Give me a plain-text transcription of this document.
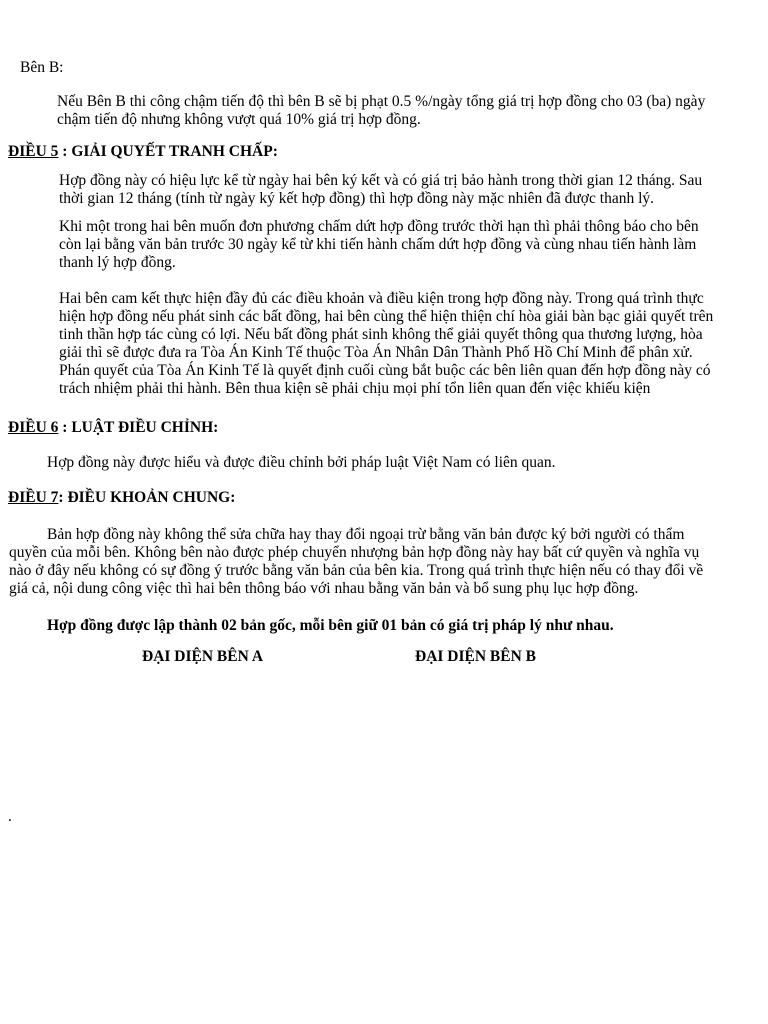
Bên B:
Nếu Bên B thi công chậm tiến độ thì bên B sẽ bị phạt 0.5 %/ngày tổng giá trị hợp đồng cho 03 (ba) ngày chậm tiến độ nhưng không vượt quá 10% giá trị hợp đồng.
ĐIỀU 5 : GIẢI QUYẾT TRANH CHẤP:
Hợp đồng này có hiệu lực kể từ ngày hai bên ký kết và có giá trị bảo hành trong thời gian 12 tháng. Sau thời gian 12 tháng (tính từ ngày ký kết hợp đồng) thì hợp đồng này mặc nhiên đã được thanh lý.
Khi một trong hai bên muốn đơn phương chấm dứt hợp đồng trước thời hạn thì phải thông báo cho bên còn lại bằng văn bản trước 30 ngày kể từ khi tiến hành chấm dứt hợp đồng và cùng nhau tiến hành làm thanh lý hợp đồng.
Hai bên cam kết thực hiện đầy đủ các điều khoản và điều kiện trong hợp đồng này. Trong quá trình thực hiện hợp đồng nếu phát sinh các bất đồng, hai bên cùng thể hiện thiện chí hòa giải bàn bạc giải quyết trên tinh thần hợp tác cùng có lợi. Nếu bất đồng phát sinh không thể giải quyết thông qua thương lượng, hòa giải thì sẽ được đưa ra Tòa Án Kinh Tế thuộc Tòa Án Nhân Dân Thành Phố Hồ Chí Minh để phân xử. Phán quyết của Tòa Án Kinh Tế là quyết định cuối cùng bắt buộc các bên liên quan đến hợp đồng này có trách nhiệm phải thi hành. Bên thua kiện sẽ phải chịu mọi phí tổn liên quan đến việc khiếu kiện
ĐIỀU 6 : LUẬT ĐIỀU CHỈNH:
Hợp đồng này được hiểu và được điều chỉnh bởi pháp luật Việt Nam có liên quan.
ĐIỀU 7: ĐIỀU KHOẢN CHUNG:
Bản hợp đồng này không thể sửa chữa hay thay đổi ngoại trừ bằng văn bản được ký bởi người có thẩm quyền của mỗi bên. Không bên nào được phép chuyển nhượng bản hợp đồng này hay bất cứ quyền và nghĩa vụ nào ở đây nếu không có sự đồng ý trước bằng văn bản của bên kia. Trong quá trình thực hiện nếu có thay đổi về giá cả, nội dung công việc thì hai bên thông báo với nhau bằng văn bản và bổ sung phụ lục hợp đồng.
Hợp đồng được lập thành 02 bản gốc, mỗi bên giữ 01 bản có giá trị pháp lý như nhau.
ĐẠI DIỆN BÊN A	ĐẠI DIỆN BÊN B
.
